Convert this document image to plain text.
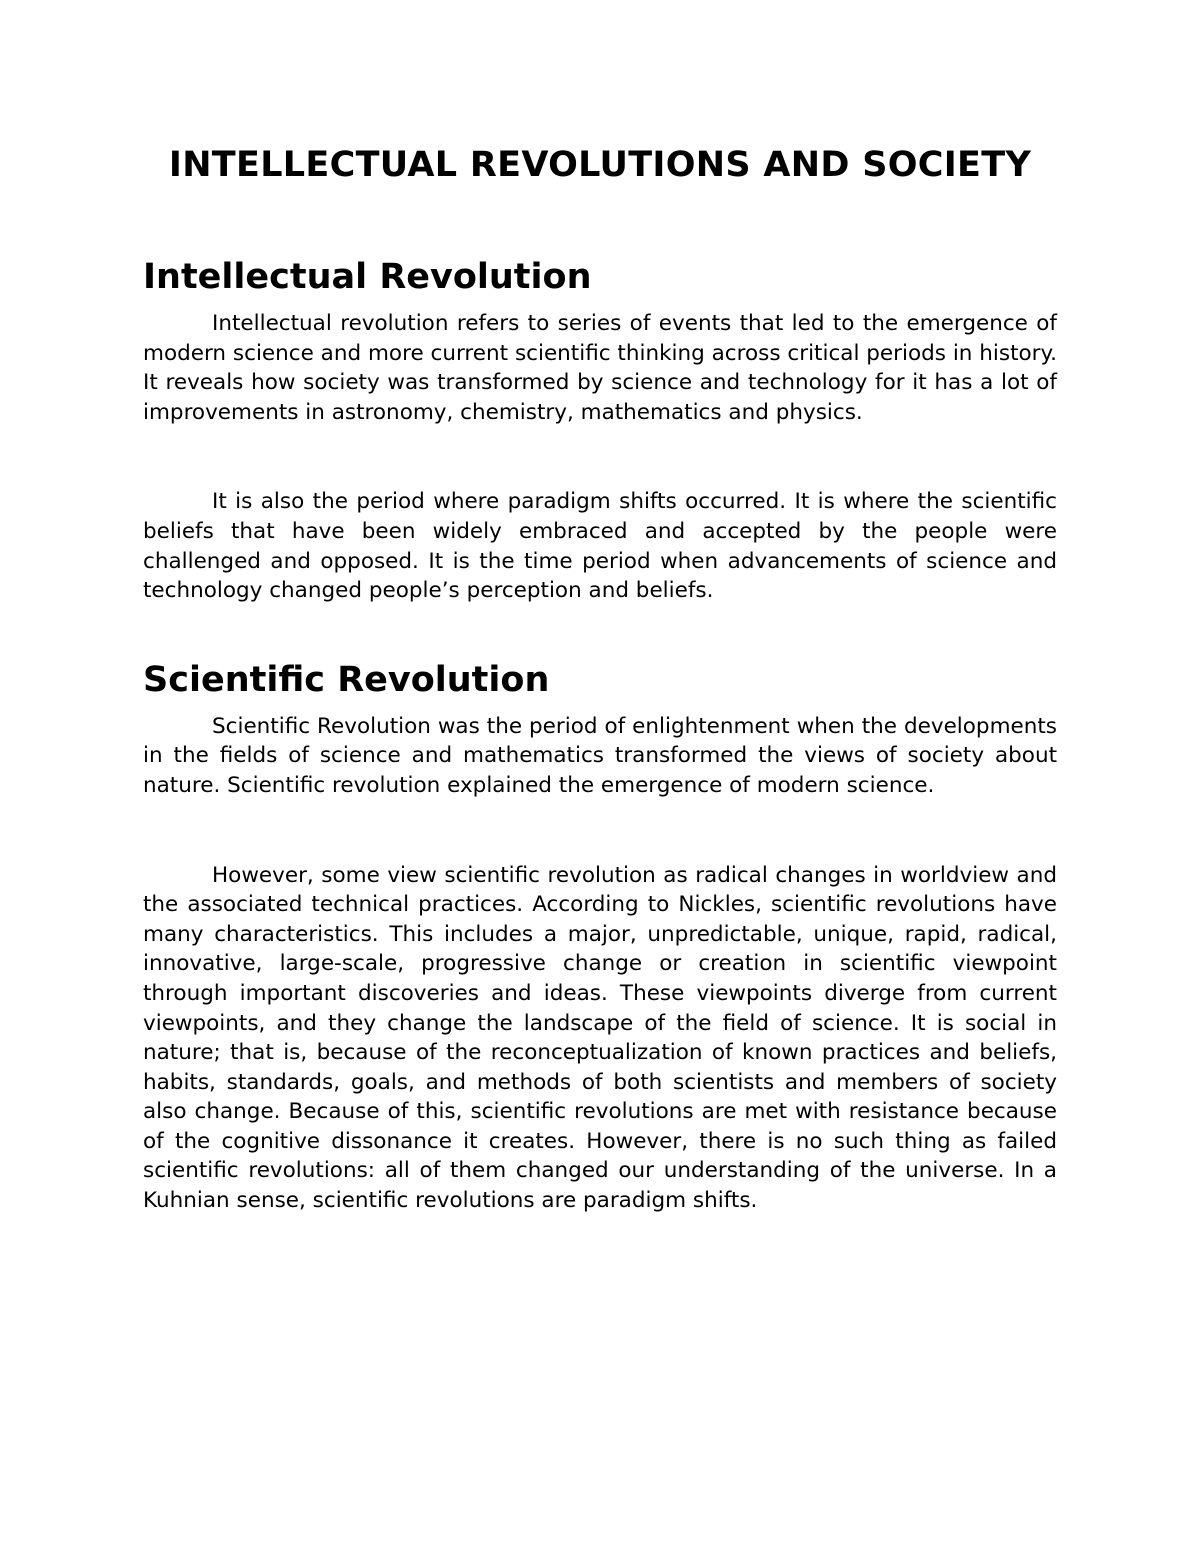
INTELLECTUAL REVOLUTIONS AND SOCIETY
Intellectual Revolution

Intellectual revolution refers to series of events that led to the emergence of modern science and more current scientific thinking across critical periods in history. It reveals how society was transformed by science and technology for it has a lot of improvements in astronomy, chemistry, mathematics and physics.

It is also the period where paradigm shifts occurred. It is where the scientific beliefs that have been widely embraced and accepted by the people were challenged and opposed. It is the time period when advancements of science and technology changed people’s perception and beliefs.

Scientific Revolution

Scientific Revolution was the period of enlightenment when the developments in the fields of science and mathematics transformed the views of society about nature. Scientific revolution explained the emergence of modern science.

However, some view scientific revolution as radical changes in worldview and the associated technical practices. According to Nickles, scientific revolutions have many characteristics. This includes a major, unpredictable, unique, rapid, radical, innovative, large-scale, progressive change or creation in scientific viewpoint through important discoveries and ideas. These viewpoints diverge from current viewpoints, and they change the landscape of the field of science. It is social in nature; that is, because of the reconceptualization of known practices and beliefs, habits, standards, goals, and methods of both scientists and members of society also change. Because of this, scientific revolutions are met with resistance because of the cognitive dissonance it creates. However, there is no such thing as failed scientific revolutions: all of them changed our understanding of the universe. In a Kuhnian sense, scientific revolutions are paradigm shifts.
